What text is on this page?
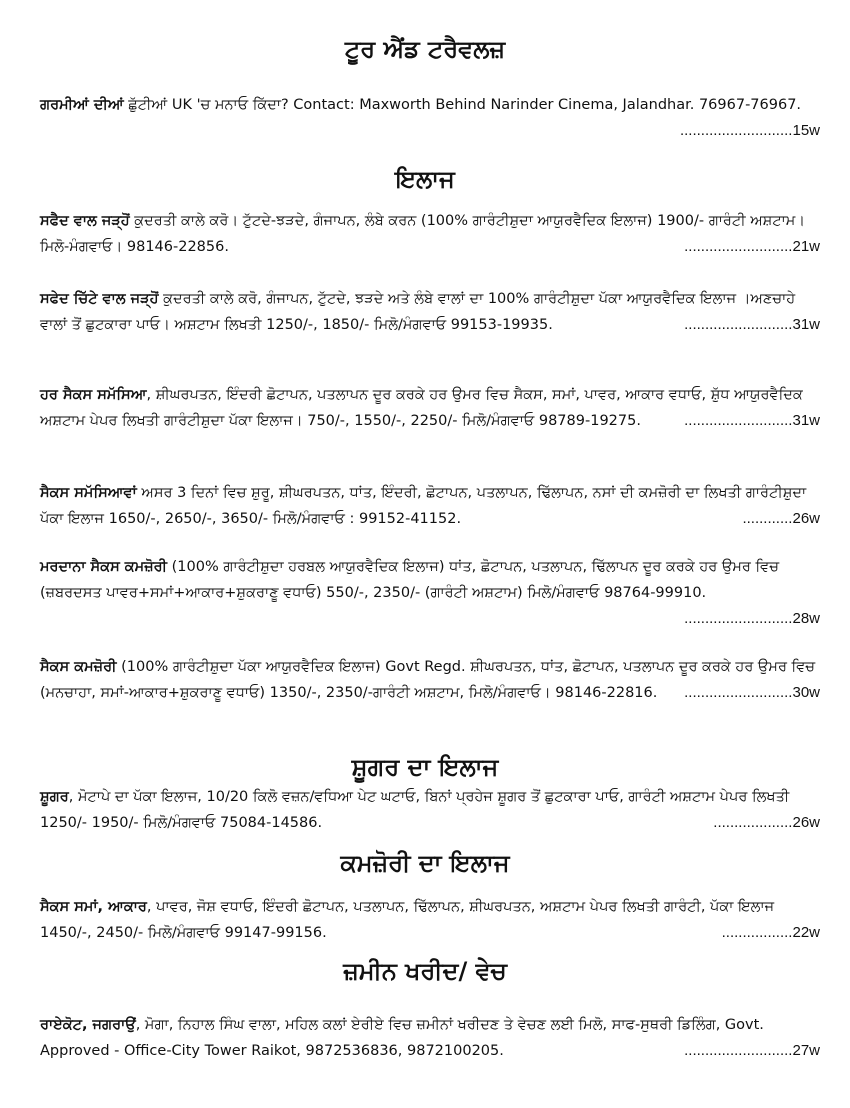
ਟੂਰ ਐਂਡ ਟਰੈਵਲਜ਼
ਗਰਮੀਆਂ ਦੀਆਂ ਛੁੱਟੀਆਂ UK 'ਚ ਮਨਾਓ ਕਿੱਦਾ? Contact: Maxworth Behind Narinder Cinema, Jalandhar. 76967-76967.
...........................15w
ਇਲਾਜ
ਸਫੈਦ ਵਾਲ ਜੜ੍ਹੋਂ ਕੁਦਰਤੀ ਕਾਲੇ ਕਰੋ। ਟੁੱਟਦੇ-ਝੜਦੇ, ਗੰਜਾਪਨ, ਲੰਬੇ ਕਰਨ (100% ਗਾਰੰਟੀਸ਼ੁਦਾ ਆਯੁਰਵੈਦਿਕ ਇਲਾਜ) 1900/- ਗਾਰੰਟੀ ਅਸ਼ਟਾਮ। ਮਿਲੋ-ਮੰਗਵਾਓ। 98146-22856.	..........................21w
ਸਫੇਦ ਚਿੱਟੇ ਵਾਲ ਜੜ੍ਹੋਂ ਕੁਦਰਤੀ ਕਾਲੇ ਕਰੋ, ਗੰਜਾਪਨ, ਟੁੱਟਦੇ, ਝੜਦੇ ਅਤੇ ਲੰਬੇ ਵਾਲਾਂ ਦਾ 100% ਗਾਰੰਟੀਸ਼ੁਦਾ ਪੱਕਾ ਆਯੁਰਵੈਦਿਕ ਇਲਾਜ ।ਅਣਚਾਹੇ ਵਾਲਾਂ ਤੋਂ ਛੁਟਕਾਰਾ ਪਾਓ। ਅਸ਼ਟਾਮ ਲਿਖਤੀ 1250/-, 1850/- ਮਿਲੋ/ਮੰਗਵਾਓ 99153-19935.	..........................31w
ਹਰ ਸੈਕਸ ਸਮੱਸਿਆ, ਸ਼ੀਘਰਪਤਨ, ਇੰਦਰੀ ਛੋਟਾਪਨ, ਪਤਲਾਪਨ ਦੂਰ ਕਰਕੇ ਹਰ ਉਮਰ ਵਿਚ ਸੈਕਸ, ਸਮਾਂ, ਪਾਵਰ, ਆਕਾਰ ਵਧਾਓ, ਸ਼ੁੱਧ ਆਯੁਰਵੈਦਿਕ ਅਸ਼ਟਾਮ ਪੇਪਰ ਲਿਖਤੀ ਗਾਰੰਟੀਸ਼ੁਦਾ ਪੱਕਾ ਇਲਾਜ। 750/-, 1550/-, 2250/- ਮਿਲੋ/ਮੰਗਵਾਓ 98789-19275.	..........................31w
ਸੈਕਸ ਸਮੱਸਿਆਵਾਂ ਅਸਰ 3 ਦਿਨਾਂ ਵਿਚ ਸ਼ੁਰੂ, ਸ਼ੀਘਰਪਤਨ, ਧਾਂਤ, ਇੰਦਰੀ, ਛੋਟਾਪਨ, ਪਤਲਾਪਨ, ਢਿੱਲਾਪਨ, ਨਸਾਂ ਦੀ ਕਮਜ਼ੋਰੀ ਦਾ ਲਿਖਤੀ ਗਾਰੰਟੀਸ਼ੁਦਾ ਪੱਕਾ ਇਲਾਜ 1650/-, 2650/-, 3650/- ਮਿਲੋ/ਮੰਗਵਾਓ : 99152-41152.	............26w
ਮਰਦਾਨਾ ਸੈਕਸ ਕਮਜ਼ੋਰੀ (100% ਗਾਰੰਟੀਸ਼ੁਦਾ ਹਰਬਲ ਆਯੁਰਵੈਦਿਕ ਇਲਾਜ) ਧਾਂਤ, ਛੋਟਾਪਨ, ਪਤਲਾਪਨ, ਢਿੱਲਾਪਨ ਦੂਰ ਕਰਕੇ ਹਰ ਉਮਰ ਵਿਚ (ਜ਼ਬਰਦਸਤ ਪਾਵਰ+ਸਮਾਂ+ਆਕਾਰ+ਸ਼ੁਕਰਾਣੂ ਵਧਾਓ) 550/-, 2350/- (ਗਾਰੰਟੀ ਅਸ਼ਟਾਮ) ਮਿਲੋ/ਮੰਗਵਾਓ 98764-99910.
..........................28w
ਸੈਕਸ ਕਮਜ਼ੋਰੀ (100% ਗਾਰੰਟੀਸ਼ੁਦਾ ਪੱਕਾ ਆਯੁਰਵੈਦਿਕ ਇਲਾਜ) Govt Regd. ਸ਼ੀਘਰਪਤਨ, ਧਾਂਤ, ਛੋਟਾਪਨ, ਪਤਲਾਪਨ ਦੂਰ ਕਰਕੇ ਹਰ ਉਮਰ ਵਿਚ (ਮਨਚਾਹਾ, ਸਮਾਂ-ਆਕਾਰ+ਸ਼ੁਕਰਾਣੂ ਵਧਾਓ) 1350/-, 2350/-ਗਾਰੰਟੀ ਅਸ਼ਟਾਮ, ਮਿਲੋ/ਮੰਗਵਾਓ। 98146-22816. ..........................30w
ਸ਼ੂਗਰ ਦਾ ਇਲਾਜ
ਸ਼ੂਗਰ, ਮੋਟਾਪੇ ਦਾ ਪੱਕਾ ਇਲਾਜ, 10/20 ਕਿਲੋ ਵਜ਼ਨ/ਵਧਿਆ ਪੇਟ ਘਟਾਓ, ਬਿਨਾਂ ਪ੍ਰਹੇਜ ਸ਼ੂਗਰ ਤੋਂ ਛੁਟਕਾਰਾ ਪਾਓ, ਗਾਰੰਟੀ ਅਸ਼ਟਾਮ ਪੇਪਰ ਲਿਖਤੀ 1250/- 1950/- ਮਿਲੋ/ਮੰਗਵਾਓ 75084-14586.	...................26w
ਕਮਜ਼ੋਰੀ ਦਾ ਇਲਾਜ
ਸੈਕਸ ਸਮਾਂ, ਆਕਾਰ, ਪਾਵਰ, ਜੋਸ਼ ਵਧਾਓ, ਇੰਦਰੀ ਛੋਟਾਪਨ, ਪਤਲਾਪਨ, ਢਿੱਲਾਪਨ, ਸ਼ੀਘਰਪਤਨ, ਅਸ਼ਟਾਮ ਪੇਪਰ ਲਿਖਤੀ ਗਾਰੰਟੀ, ਪੱਕਾ ਇਲਾਜ 1450/-, 2450/- ਮਿਲੋ/ਮੰਗਵਾਓ 99147-99156.	.................22w
ਜ਼ਮੀਨ ਖਰੀਦ/ ਵੇਚ
ਰਾਏਕੋਟ, ਜਗਰਾਉਂ, ਮੋਗਾ, ਨਿਹਾਲ ਸਿੰਘ ਵਾਲਾ, ਮਹਿਲ ਕਲਾਂ ਏਰੀਏ ਵਿਚ ਜ਼ਮੀਨਾਂ ਖਰੀਦਣ ਤੇ ਵੇਚਣ ਲਈ ਮਿਲੋ, ਸਾਫ-ਸੁਥਰੀ ਡਿਲਿੰਗ, Govt. Approved - Office-City Tower Raikot, 9872536836, 9872100205.	..........................27w
